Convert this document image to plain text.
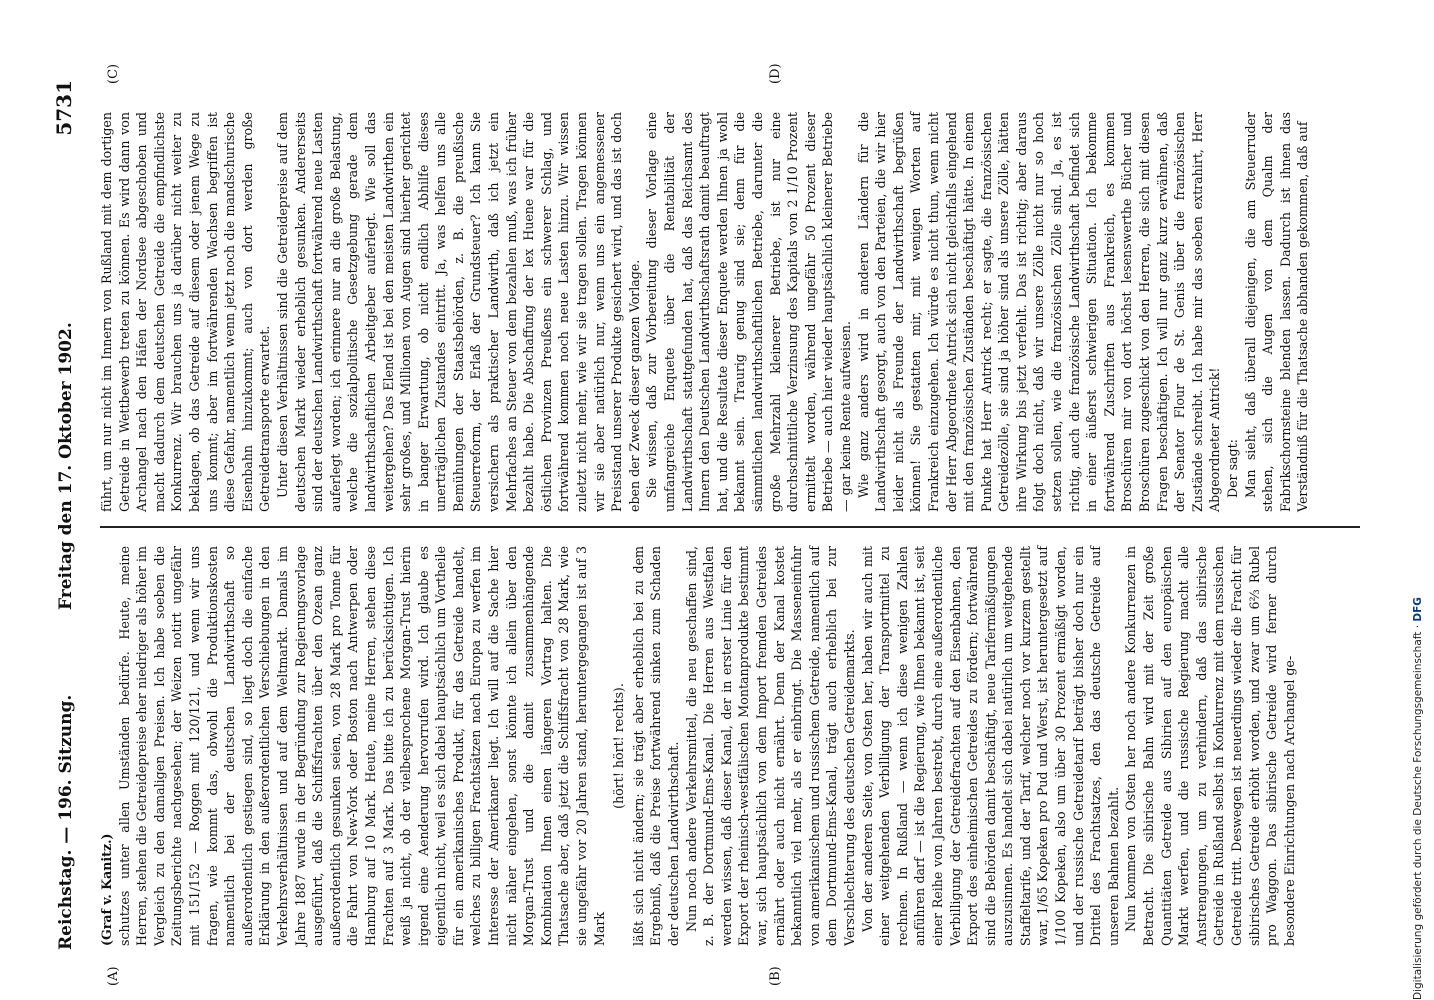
Reichstag. — 196. Sitzung.
Freitag den 17. Oktober 1902.
5731
(A)	(B)
(C)	(D)

(Graf v. Kanitz.) schutzes unter allen Umständen bedürfe. Heute, meine Herren, stehen die Getreidepreise eher niedriger als höher im Vergleich zu den damaligen Preisen. Ich habe soeben die Zeitungsberichte nachgesehen; der Weizen notirt ungefähr mit 151/152 — Roggen mit 120/121, und wenn wir uns fragen, wie kommt das, obwohl die Produktionskosten namentlich bei der deutschen Landwirthschaft so außerordentlich gestiegen sind, so liegt doch die einfache Erklärung in den außerordentlichen Verschiebungen in den Verkehrsverhältnissen und auf dem Weltmarkt. Damals im Jahre 1887 wurde in der Begründung zur Regierungsvorlage ausgeführt, daß die Schiffsfrachten über den Ozean ganz außerordentlich gesunken seien, von 28 Mark pro Tonne für die Fahrt von New-York oder Boston nach Antwerpen oder Hamburg auf 10 Mark. Heute, meine Herren, stehen diese Frachten auf 3 Mark. Das bitte ich zu berücksichtigen. Ich weiß ja nicht, ob der vielbesprochene Morgan-Trust hierin irgend eine Aenderung hervorrufen wird. Ich glaube es eigentlich nicht, weil es sich dabei hauptsächlich um Vortheile für ein amerikanisches Produkt, für das Getreide handelt, welches zu billigen Frachtsätzen nach Europa zu werfen im Interesse der Amerikaner liegt. Ich will auf die Sache hier nicht näher eingehen, sonst könnte ich allein über den Morgan-Trust und die damit zusammenhängende Kombination Ihnen einen längeren Vortrag halten. Die Thatsache aber, daß jetzt die Schiffsfracht von 28 Mark, wie sie ungefähr vor 20 Jahren stand, heruntergegangen ist auf 3 Mark

(hört! hört! rechts). läßt sich nicht ändern; sie trägt aber erheblich bei zu dem Ergebniß, daß die Preise fortwährend sinken zum Schaden der deutschen Landwirthschaft. Nun noch andere Verkehrsmittel, die neu geschaffen sind, z. B. der Dortmund-Ems-Kanal. Die Herren aus Westfalen werden wissen, daß dieser Kanal, der in erster Linie für den Export der rheinisch-westfälischen Montanprodukte bestimmt war, sich hauptsächlich von dem Import fremden Getreides ernährt oder auch nicht ernährt. Denn der Kanal kostet bekanntlich viel mehr, als er einbringt. Die Masseneinfuhr von amerikanischem und russischem Getreide, namentlich auf dem Dortmund-Ems-Kanal, trägt auch erheblich bei zur Verschlechterung des deutschen Getreidemarkts. Von der anderen Seite, von Osten her, haben wir auch mit einer weitgehenden Verbilligung der Transportmittel zu rechnen. In Rußland — wenn ich diese wenigen Zahlen anführen darf — ist die Regierung, wie Ihnen bekannt ist, seit einer Reihe von Jahren bestrebt, durch eine außerordentliche Verbilligung der Getreidefrachten auf den Eisenbahnen, den Export des einheimischen Getreides zu fördern; fortwährend sind die Behörden damit beschäftigt, neue Tarifermäßigungen auszusinnen. Es handelt sich dabei natürlich um weitgehende Staffeltarife, und der Tarif, welcher noch vor kurzem gestellt war, 1/65 Kopeken pro Pud und Werst, ist heruntergesetzt auf 1/100 Kopeken, also um über 30 Prozent ermäßigt worden, und der russische Getreidetarif beträgt bisher doch nur ein Drittel des Frachtsatzes, den das deutsche Getreide auf unseren Bahnen bezahlt. Nun kommen von Osten her noch andere Konkurrenzen in Betracht. Die sibirische Bahn wird mit der Zeit große Quantitäten Getreide aus Sibirien auf den europäischen Markt werfen, und die russische Regierung macht alle Anstrengungen, um zu verhindern, daß das sibirische Getreide in Rußland selbst in Konkurrenz mit dem russischen Getreide tritt. Deswegen ist neuerdings wieder die Fracht für sibirisches Getreide erhöht worden, und zwar um 6⅔ Rubel pro Waggon. Das sibirische Getreide wird ferner durch besondere Einrichtungen nach Archangel ge-

führt, um nur nicht im Innern von Rußland mit dem dortigen Getreide in Wettbewerb treten zu können. Es wird dann von Archangel nach den Häfen der Nordsee abgeschoben und macht dadurch dem deutschen Getreide die empfindlichste Konkurrenz. Wir brauchen uns ja darüber nicht weiter zu beklagen, ob das Getreide auf diesem oder jenem Wege zu uns kommt; aber im fortwährenden Wachsen begriffen ist diese Gefahr, namentlich wenn jetzt noch die mandschurische Eisenbahn hinzukommt; auch von dort werden große Getreidetransporte erwartet. Unter diesen Verhältnissen sind die Getreidepreise auf dem deutschen Markt wieder erheblich gesunken. Andererseits sind der deutschen Landwirthschaft fortwährend neue Lasten auferlegt worden; ich erinnere nur an die große Belastung, welche die sozialpolitische Gesetzgebung gerade dem landwirthschaftlichen Arbeitgeber auferlegt. Wie soll das weitergehen? Das Elend ist bei den meisten Landwirthen ein sehr großes, und Millionen von Augen sind hierher gerichtet in banger Erwartung, ob nicht endlich Abhilfe dieses unerträglichen Zustandes eintritt. Ja, was helfen uns alle Bemühungen der Staatsbehörden, z. B. die preußische Steuerreform, der Erlaß der Grundsteuer? Ich kann Sie versichern als praktischer Landwirth, daß ich jetzt ein Mehrfaches an Steuer von dem bezahlen muß, was ich früher bezahlt habe. Die Abschaffung der lex Huene war für die östlichen Provinzen Preußens ein schwerer Schlag, und fortwährend kommen noch neue Lasten hinzu. Wir wissen zuletzt nicht mehr, wie wir sie tragen sollen. Tragen können wir sie aber natürlich nur, wenn uns ein angemessener Preisstand unserer Produkte gesichert wird, und das ist doch eben der Zweck dieser ganzen Vorlage. Sie wissen, daß zur Vorbereitung dieser Vorlage eine umfangreiche Enquete über die Rentabilität der Landwirthschaft stattgefunden hat, daß das Reichsamt des Innern den Deutschen Landwirthschaftsrath damit beauftragt hat, und die Resultate dieser Enquete werden Ihnen ja wohl bekannt sein. Traurig genug sind sie; denn für die sämmtlichen landwirthschaftlichen Betriebe, darunter die große Mehrzahl kleinerer Betriebe, ist nur eine durchschnittliche Verzinsung des Kapitals von 2 1/10 Prozent ermittelt worden, während ungefähr 50 Prozent dieser Betriebe — auch hier wieder hauptsächlich kleinerer Betriebe — gar keine Rente aufweisen. Wie ganz anders wird in anderen Ländern für die Landwirthschaft gesorgt, auch von den Parteien, die wir hier leider nicht als Freunde der Landwirthschaft begrüßen können! Sie gestatten mir, mit wenigen Worten auf Frankreich einzugehen. Ich würde es nicht thun, wenn nicht der Herr Abgeordnete Antrick sich nicht gleichfalls eingehend mit den französischen Zuständen beschäftigt hätte. In einem Punkte hat Herr Antrick recht; er sagte, die französischen Getreidezölle, sie sind ja höher sind als unsere Zölle, hätten ihre Wirkung bis jetzt verfehlt. Das ist richtig; aber daraus folgt doch nicht, daß wir unsere Zölle nicht nur so hoch setzen sollen, wie die französischen Zölle sind. Ja, es ist richtig, auch die französische Landwirthschaft befindet sich in einer äußerst schwierigen Situation. Ich bekomme fortwährend Zuschriften aus Frankreich, es kommen Broschüren mir von dort höchst lesenswerthe Bücher und Broschüren zugeschickt von den Herren, die sich mit diesen Fragen beschäftigen. Ich will nur ganz kurz erwähnen, daß der Senator Flour de St. Genis über die französischen Zustände schreibt. Ich habe mir das soeben extrahirt, Herr Abgeordneter Antrick! Der sagt: Man sieht, daß überall diejenigen, die am Steuerruder stehen, sich die Augen von dem Qualm der Fabrikschornsteine blenden lassen. Dadurch ist ihnen das Verständniß für die Thatsache abhanden gekommen, daß auf

Digitalisierung gefördert durch die Deutsche Forschungsgemeinschaft · DFG
